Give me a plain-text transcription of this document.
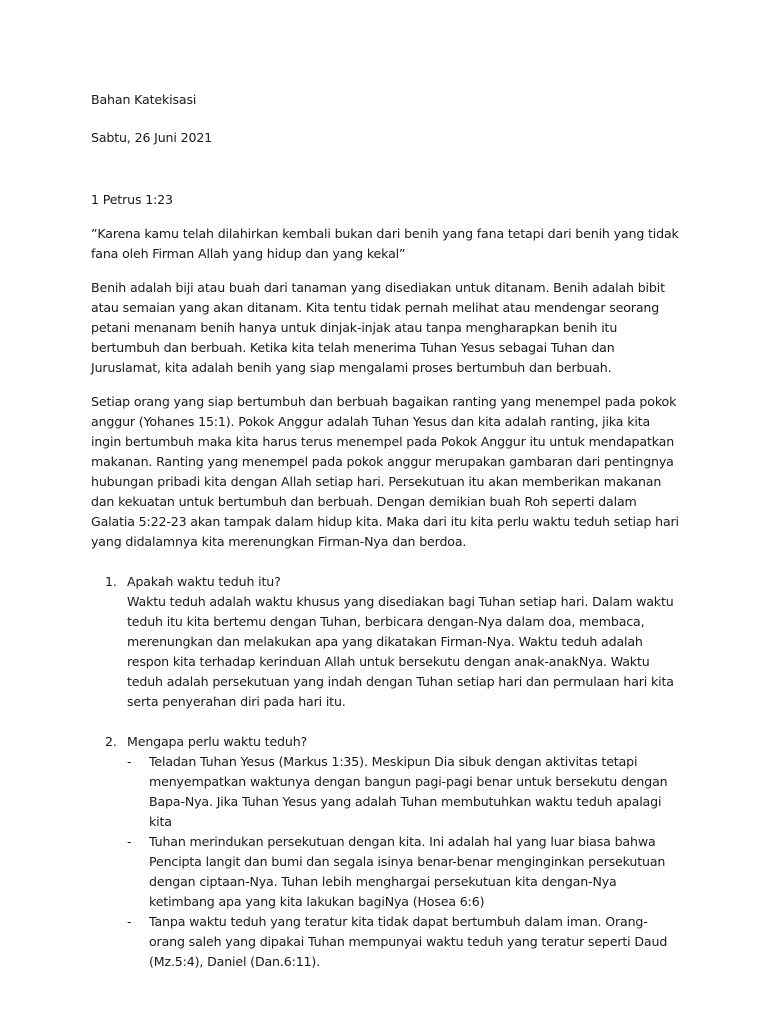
Bahan Katekisasi

Sabtu, 26 Juni 2021

1 Petrus 1:23

”Karena kamu telah dilahirkan kembali bukan dari benih yang fana tetapi dari benih yang tidak fana oleh Firman Allah yang hidup dan yang kekal”

Benih adalah biji atau buah dari tanaman yang disediakan untuk ditanam. Benih adalah bibit atau semaian yang akan ditanam. Kita tentu tidak pernah melihat atau mendengar seorang petani menanam benih hanya untuk dinjak-injak atau tanpa mengharapkan benih itu bertumbuh dan berbuah. Ketika kita telah menerima Tuhan Yesus sebagai Tuhan dan Juruslamat, kita adalah benih yang siap mengalami proses bertumbuh dan berbuah.

Setiap orang yang siap bertumbuh dan berbuah bagaikan ranting yang menempel pada pokok anggur (Yohanes 15:1). Pokok Anggur adalah Tuhan Yesus dan kita adalah ranting, jika kita ingin bertumbuh maka kita harus terus menempel pada Pokok Anggur itu untuk mendapatkan makanan. Ranting yang menempel pada pokok anggur merupakan gambaran dari pentingnya hubungan pribadi kita dengan Allah setiap hari. Persekutuan itu akan memberikan makanan dan kekuatan untuk bertumbuh dan berbuah. Dengan demikian buah Roh seperti dalam Galatia 5:22-23 akan tampak dalam hidup kita. Maka dari itu kita perlu waktu teduh setiap hari yang didalamnya kita merenungkan Firman-Nya dan berdoa.

1. Apakah waktu teduh itu?
Waktu teduh adalah waktu khusus yang disediakan bagi Tuhan setiap hari. Dalam waktu teduh itu kita bertemu dengan Tuhan, berbicara dengan-Nya dalam doa, membaca, merenungkan dan melakukan apa yang dikatakan Firman-Nya. Waktu teduh adalah respon kita terhadap kerinduan Allah untuk bersekutu dengan anak-anakNya. Waktu teduh adalah persekutuan yang indah dengan Tuhan setiap hari dan permulaan hari kita serta penyerahan diri pada hari itu.
2. Mengapa perlu waktu teduh?
- Teladan Tuhan Yesus (Markus 1:35). Meskipun Dia sibuk dengan aktivitas tetapi menyempatkan waktunya dengan bangun pagi-pagi benar untuk bersekutu dengan Bapa-Nya. Jika Tuhan Yesus yang adalah Tuhan membutuhkan waktu teduh apalagi kita
- Tuhan merindukan persekutuan dengan kita. Ini adalah hal yang luar biasa bahwa Pencipta langit dan bumi dan segala isinya benar-benar menginginkan persekutuan dengan ciptaan-Nya. Tuhan lebih menghargai persekutuan kita dengan-Nya ketimbang apa yang kita lakukan bagiNya (Hosea 6:6)
- Tanpa waktu teduh yang teratur kita tidak dapat bertumbuh dalam iman. Orang-orang saleh yang dipakai Tuhan mempunyai waktu teduh yang teratur seperti Daud (Mz.5:4), Daniel (Dan.6:11).
